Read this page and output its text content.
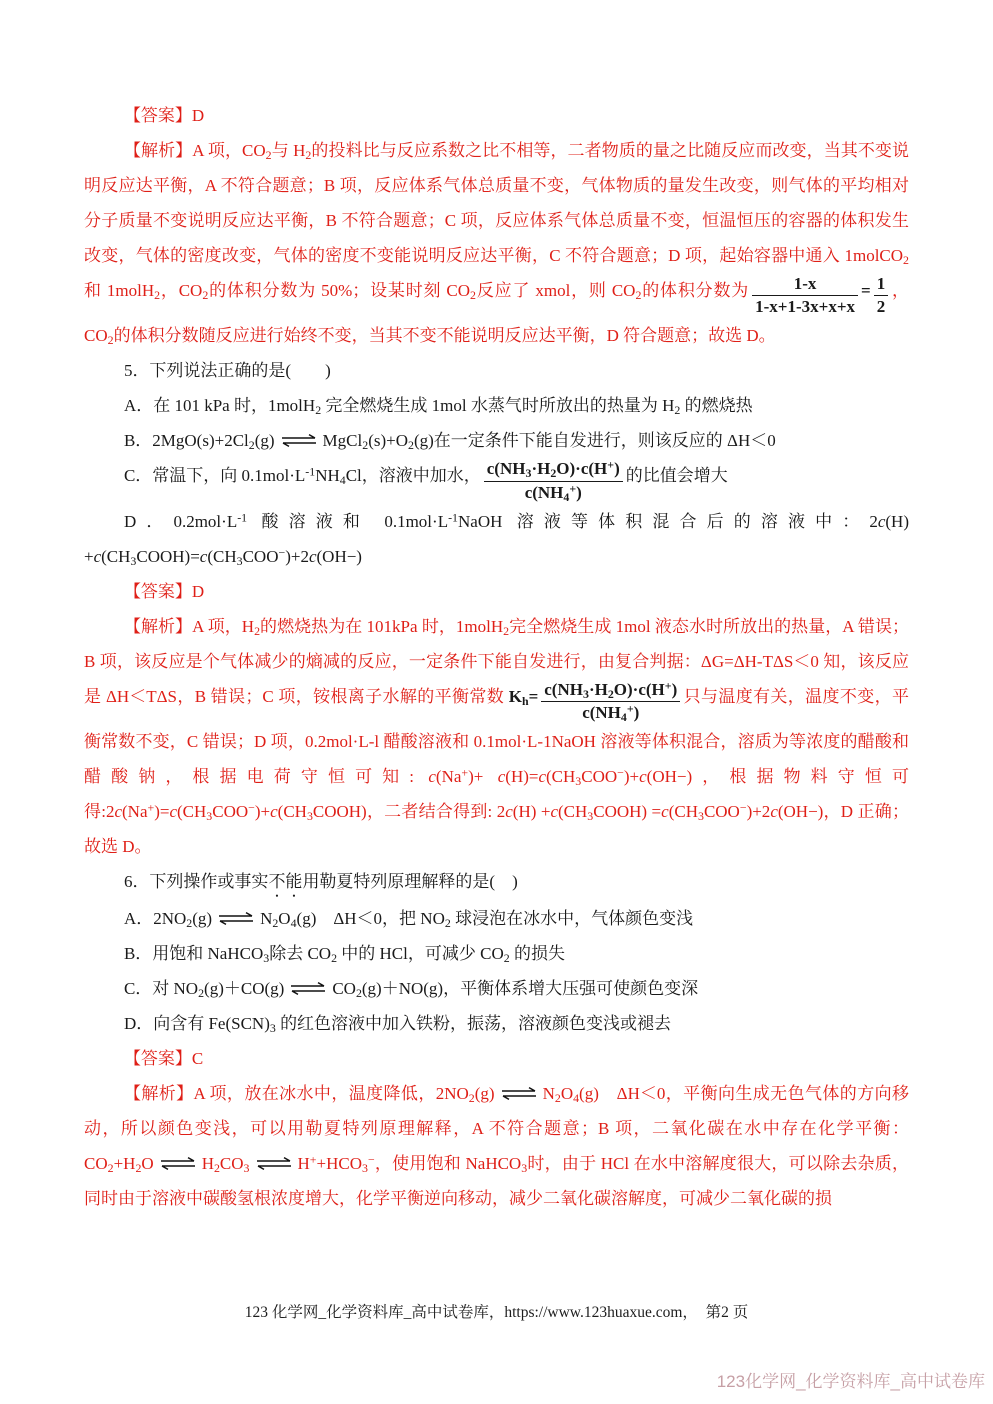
【答案】D

【解析】A 项，$CO_2$与 $H_2$的投料比与反应系数之比不相等，二者物质的量之比随反应而改变，当其不变说明反应达平衡，A 不符合题意；B 项，反应体系气体总质量不变，气体物质的量发生改变，则气体的平均相对分子质量不变说明反应达平衡，B 不符合题意；C 项，反应体系气体总质量不变，恒温恒压的容器的体积发生改变，气体的密度改变，气体的密度不变能说明反应达平衡，C 不符合题意；D 项，起始容器中通入 1molCO$_2$和 1molH$_2$，$CO_2$的体积分数为 50%；设某时刻 $CO_2$反应了 xmol，则 $CO_2$的体积分数为 $\frac{1-x}{1-x+1-3x+x+x} = \frac{1}{2}$ ，$CO_2$的体积分数随反应进行始终不变，当其不变不能说明反应达平衡，D 符合题意；故选 D。

5．下列说法正确的是(　　)

A．在 101 kPa 时，1molH$_2$ 完全燃烧生成 1mol 水蒸气时所放出的热量为 $H_2$ 的燃烧热

B．$2MgO(s)+2Cl_2(g)$ ⇌ $MgCl_2(s)+O_2(g)$在一定条件下能自发进行，则该反应的 ΔH＜0

C．常温下，向 $0.1mol\cdot L^{-1}NH_4Cl$，溶液中加水， $\frac{c(NH_3\cdot H_2O)\cdot c(H^+)}{c(NH_4^+)}$ 的比值会增大

D．$0.2mol\cdot L^{-1}$ 酸溶液和 $0.1mol\cdot L^{-1}NaOH$ 溶液等体积混合后的溶液中：$2c(H) +c(CH_3COOH)=c(CH_3COO^-)+2c(OH-)$

【答案】D

【解析】A 项，$H_2$的燃烧热为在 101kPa 时，1molH$_2$完全燃烧生成 1mol 液态水时所放出的热量，A 错误；B 项，该反应是个气体减少的熵减的反应，一定条件下能自发进行，由复合判据：ΔG=ΔH-TΔS＜0 知，该反应是 ΔH＜TΔS，B 错误；C 项，铵根离子水解的平衡常数 $K_h= \frac{c(NH_3\cdot H_2O)\cdot c(H^+)}{c(NH_4^+)}$ 只与温度有关，温度不变，平衡常数不变，C 错误；D 项，0.2mol·L-l 醋酸溶液和 0.1mol·L-1NaOH 溶液等体积混合，溶质为等浓度的醋酸和醋酸钠，根据电荷守恒可知: $c(Na^+)+ c(H)=c(CH_3COO^-)+c(OH-)$，根据物料守恒可得$:2c(Na^+)=c(CH_3COO^-)+c(CH_3COOH)$，二者结合得到: $2c(H) +c(CH_3COOH) =c(CH_3COO^-)+2c(OH-)$，D 正确；故选 D。

6．下列操作或事实不能用勒夏特列原理解释的是(　)

A．$2NO_2(g)$ ⇌ $N_2O_4(g)$　ΔH＜0，把 $NO_2$ 球浸泡在冰水中，气体颜色变浅

B．用饱和 NaHCO$_3$除去 $CO_2$ 中的 HCl，可减少 $CO_2$ 的损失

C．对 $NO_2(g)+CO(g)$ ⇌ $CO_2(g)+NO(g)$，平衡体系增大压强可使颜色变深

D．向含有 $Fe(SCN)_3$ 的红色溶液中加入铁粉，振荡，溶液颜色变浅或褪去

【答案】C

【解析】A 项，放在冰水中，温度降低，$2NO_2(g)$ ⇌ $N_2O_4(g)$　ΔH＜0，平衡向生成无色气体的方向移动，所以颜色变浅，可以用勒夏特列原理解释，A 不符合题意；B 项，二氧化碳在水中存在化学平衡：$CO_2+H_2O$ ⇌ $H_2CO_3$ ⇌ $H^++HCO_3^-$，使用饱和 NaHCO$_3$时，由于 HCl 在水中溶解度很大，可以除去杂质，同时由于溶液中碳酸氢根浓度增大，化学平衡逆向移动，减少二氧化碳溶解度，可减少二氧化碳的损

123 化学网_化学资料库_高中试卷库，https://www.123huaxue.com，　第2 页

123化学网_化学资料库_高中试卷库
